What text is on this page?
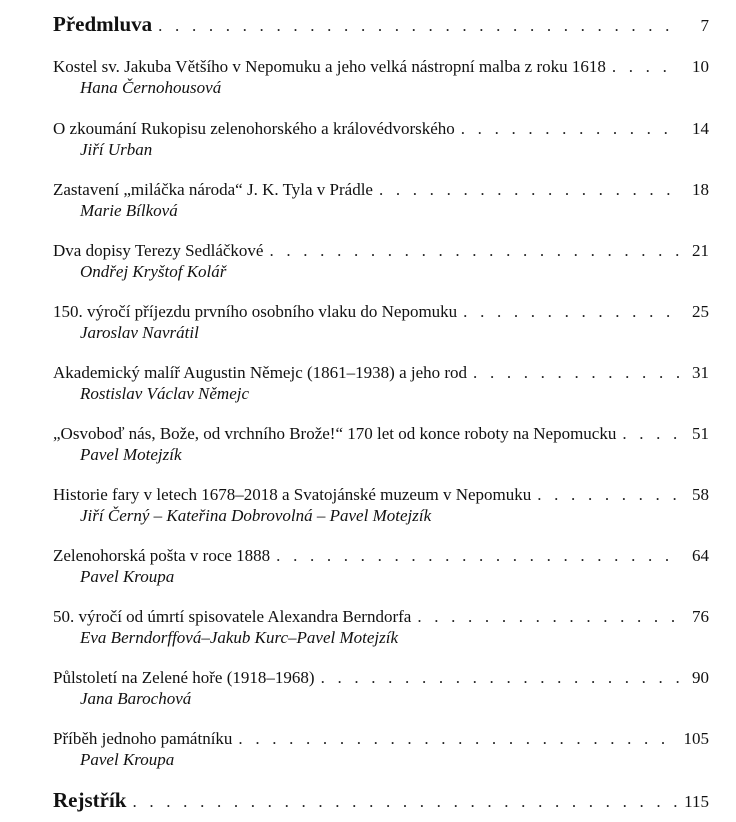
Předmluva . . .	7
Kostel sv. Jakuba Většího v Nepomuku a jeho velká nástropní malba z roku 1618 . . .	10
Hana Černohousová
O zkoumání Rukopisu zelenohorského a královédvorského . . .	14
Jiří Urban
Zastavení „miláčka národa“ J. K. Tyla v Prádle . . .	18
Marie Bílková
Dva dopisy Terezy Sedláčkové . . .	21
Ondřej Kryštof Kolář
150. výročí příjezdu prvního osobního vlaku do Nepomuku . . .	25
Jaroslav Navrátil
Akademický malíř Augustin Němejc (1861–1938) a jeho rod . . .	31
Rostislav Václav Němejc
„Osvoboď nás, Bože, od vrchního Brože!“ 170 let od konce roboty na Nepomucku . . .	51
Pavel Motejzík
Historie fary v letech 1678–2018 a Svatojánské muzeum v Nepomuku . . .	58
Jiří Černý – Kateřina Dobrovolná – Pavel Motejzík
Zelenohorská pošta v roce 1888 . . .	64
Pavel Kroupa
50. výročí od úmrtí spisovatele Alexandra Berndorfa . . .	76
Eva Berndorffová–Jakub Kurc–Pavel Motejzík
Půlstoletí na Zelené hoře (1918–1968) . . .	90
Jana Barochová
Příběh jednoho památníku . . .	105
Pavel Kroupa
Rejstřík . . .	115
